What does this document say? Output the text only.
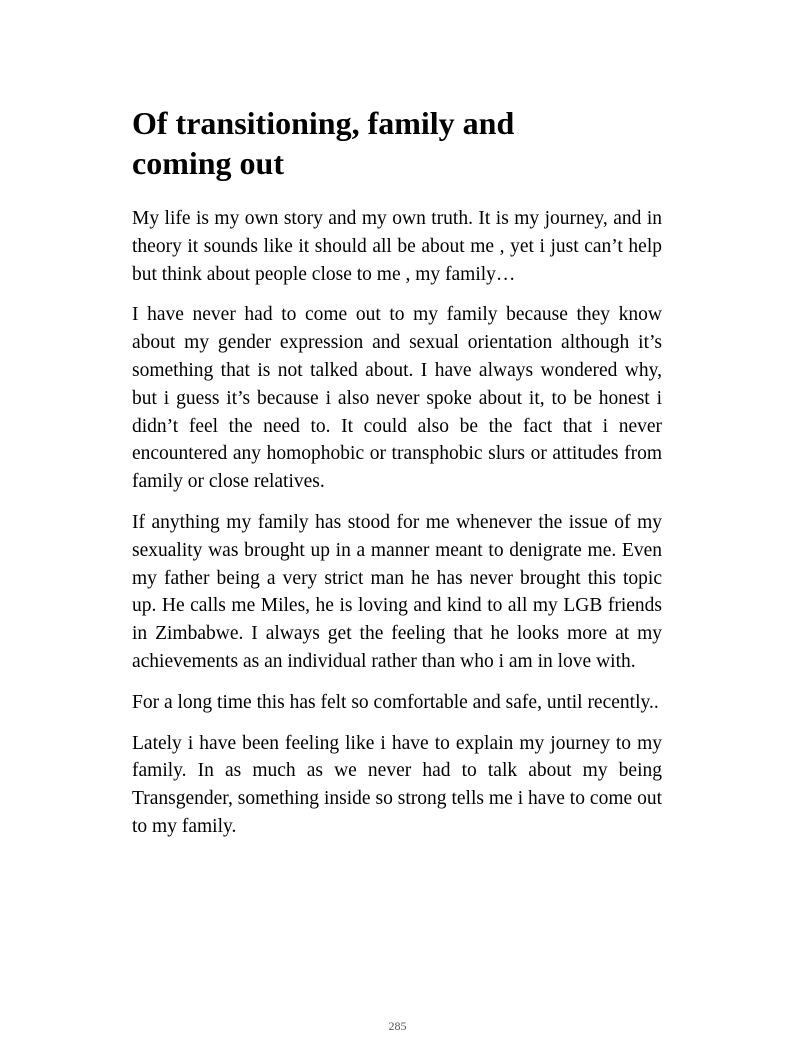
Of transitioning, family and coming out

My life is my own story and my own truth. It is my journey, and in theory it sounds like it should all be about me , yet i just can’t help but think about people close to me , my family…

I have never had to come out to my family because they know about my gender expression and sexual orientation although it’s something that is not talked about. I have always wondered why, but i guess it’s because i also never spoke about it, to be honest i didn’t feel the need to. It could also be the fact that i never encountered any homophobic or transphobic slurs or attitudes from family or close relatives.

If anything my family has stood for me whenever the issue of my sexuality was brought up in a manner meant to denigrate me. Even my father being a very strict man he has never brought this topic up. He calls me Miles, he is loving and kind to all my LGB friends in Zimbabwe. I always get the feeling that he looks more at my achievements as an individual rather than who i am in love with.

For a long time this has felt so comfortable and safe, until recently..

Lately i have been feeling like i have to explain my journey to my family. In as much as we never had to talk about my being Transgender, something inside so strong tells me i have to come out to my family.

285
